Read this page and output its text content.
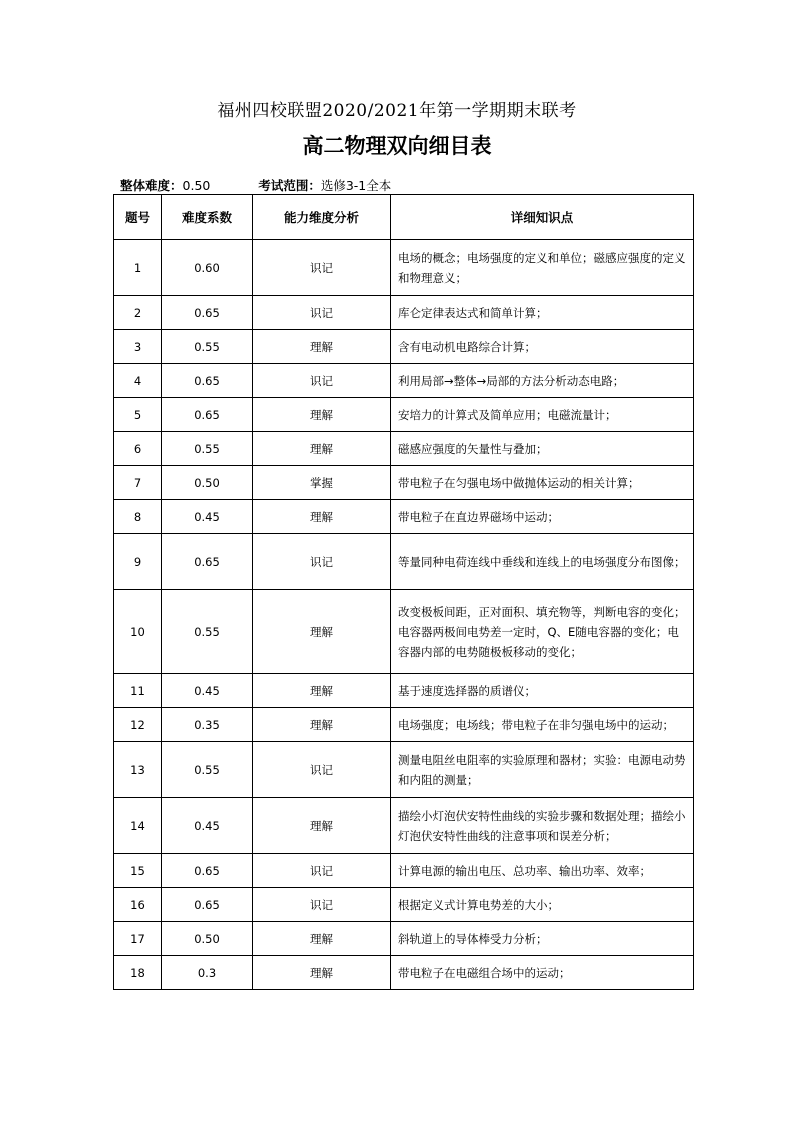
福州四校联盟2020/2021年第一学期期末联考
高二物理双向细目表
整体难度：0.50	考试范围：选修3-1全本
题号	难度系数	能力维度分析	详细知识点
1	0.60	识记	电场的概念；电场强度的定义和单位；磁感应强度的定义和物理意义；
2	0.65	识记	库仑定律表达式和简单计算；
3	0.55	理解	含有电动机电路综合计算；
4	0.65	识记	利用局部→整体→局部的方法分析动态电路；
5	0.65	理解	安培力的计算式及简单应用；电磁流量计；
6	0.55	理解	磁感应强度的矢量性与叠加；
7	0.50	掌握	带电粒子在匀强电场中做抛体运动的相关计算；
8	0.45	理解	带电粒子在直边界磁场中运动；
9	0.65	识记	等量同种电荷连线中垂线和连线上的电场强度分布图像；
10	0.55	理解	改变极板间距，正对面积、填充物等，判断电容的变化；电容器两极间电势差一定时，Q、E随电容器的变化；电容器内部的电势随极板移动的变化；
11	0.45	理解	基于速度选择器的质谱仪；
12	0.35	理解	电场强度；电场线；带电粒子在非匀强电场中的运动；
13	0.55	识记	测量电阻丝电阻率的实验原理和器材；实验：电源电动势和内阻的测量；
14	0.45	理解	描绘小灯泡伏安特性曲线的实验步骤和数据处理；描绘小灯泡伏安特性曲线的注意事项和误差分析；
15	0.65	识记	计算电源的输出电压、总功率、输出功率、效率；
16	0.65	识记	根据定义式计算电势差的大小；
17	0.50	理解	斜轨道上的导体棒受力分析；
18	0.3	理解	带电粒子在电磁组合场中的运动；
